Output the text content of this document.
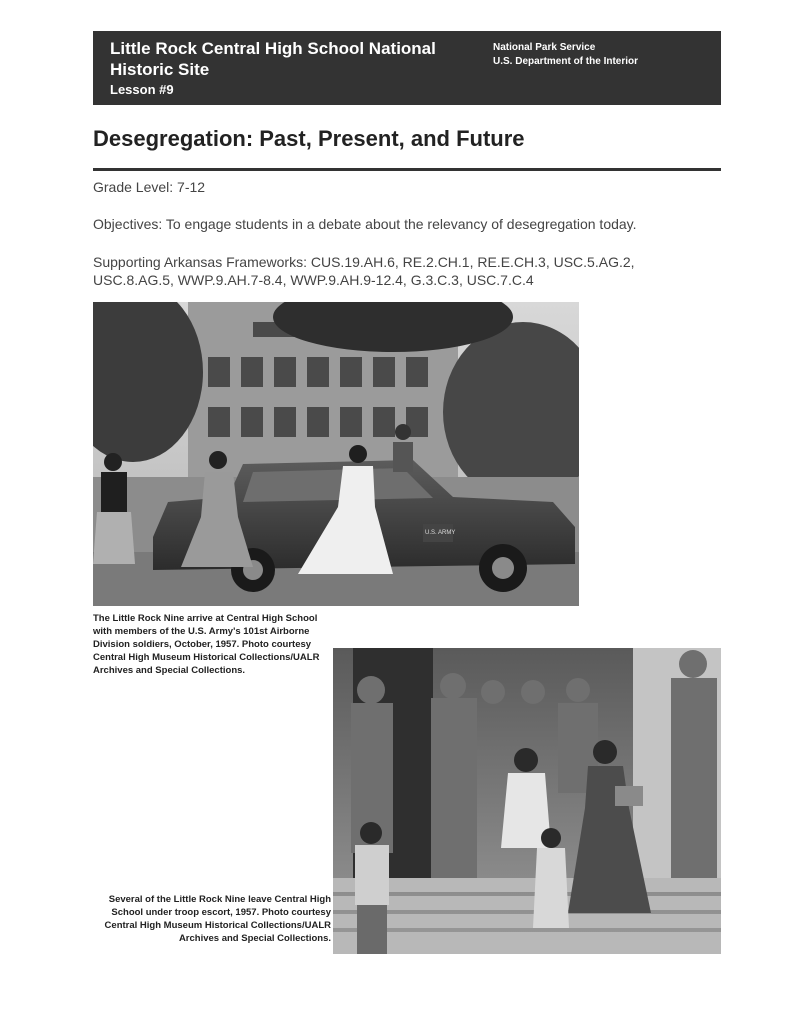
Little Rock Central High School National Historic Site
Lesson #9
National Park Service
U.S. Department of the Interior
Desegregation: Past, Present, and Future

Grade Level: 7-12

Objectives: To engage students in a debate about the relevancy of desegregation today.

Supporting Arkansas Frameworks: CUS.19.AH.6, RE.2.CH.1, RE.E.CH.3, USC.5.AG.2, USC.8.AG.5, WWP.9.AH.7-8.4, WWP.9.AH.9-12.4, G.3.C.3, USC.7.C.4

U.S. ARMY

The Little Rock Nine arrive at Central High School with members of the U.S. Army's 101st Airborne Division soldiers, October, 1957. Photo courtesy Central High Museum Historical Collections/UALR Archives and Special Collections.

Several of the Little Rock Nine leave Central High School under troop escort, 1957. Photo courtesy Central High Museum Historical Collections/UALR Archives and Special Collections.
